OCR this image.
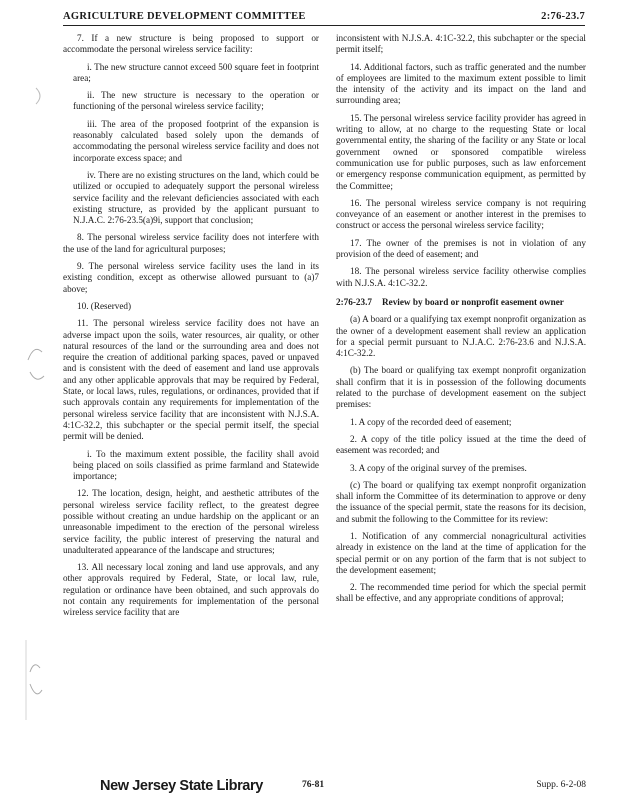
AGRICULTURE DEVELOPMENT COMMITTEE	2:76-23.7

7. If a new structure is being proposed to support or accommodate the personal wireless service facility:

i. The new structure cannot exceed 500 square feet in footprint area;

ii. The new structure is necessary to the operation or functioning of the personal wireless service facility;

iii. The area of the proposed footprint of the expansion is reasonably calculated based solely upon the demands of accommodating the personal wireless service facility and does not incorporate excess space; and

iv. There are no existing structures on the land, which could be utilized or occupied to adequately support the personal wireless service facility and the relevant deficiencies associated with each existing structure, as provided by the applicant pursuant to N.J.A.C. 2:76-23.5(a)9i, support that conclusion;

8. The personal wireless service facility does not interfere with the use of the land for agricultural purposes;

9. The personal wireless service facility uses the land in its existing condition, except as otherwise allowed pursuant to (a)7 above;

10. (Reserved)

11. The personal wireless service facility does not have an adverse impact upon the soils, water resources, air quality, or other natural resources of the land or the surrounding area and does not require the creation of additional parking spaces, paved or unpaved and is consistent with the deed of easement and land use approvals and any other applicable approvals that may be required by Federal, State, or local laws, rules, regulations, or ordinances, provided that if such approvals contain any requirements for implementation of the personal wireless service facility that are inconsistent with N.J.S.A. 4:1C-32.2, this subchapter or the special permit itself, the special permit will be denied.

i. To the maximum extent possible, the facility shall avoid being placed on soils classified as prime farmland and Statewide importance;

12. The location, design, height, and aesthetic attributes of the personal wireless service facility reflect, to the greatest degree possible without creating an undue hardship on the applicant or an unreasonable impediment to the erection of the personal wireless service facility, the public interest of preserving the natural and unadulterated appearance of the landscape and structures;

13. All necessary local zoning and land use approvals, and any other approvals required by Federal, State, or local law, rule, regulation or ordinance have been obtained, and such approvals do not contain any requirements for implementation of the personal wireless service facility that are

inconsistent with N.J.S.A. 4:1C-32.2, this subchapter or the special permit itself;

14. Additional factors, such as traffic generated and the number of employees are limited to the maximum extent possible to limit the intensity of the activity and its impact on the land and surrounding area;

15. The personal wireless service facility provider has agreed in writing to allow, at no charge to the requesting State or local governmental entity, the sharing of the facility or any State or local government owned or sponsored compatible wireless communication use for public purposes, such as law enforcement or emergency response communication equipment, as permitted by the Committee;

16. The personal wireless service company is not requiring conveyance of an easement or another interest in the premises to construct or access the personal wireless service facility;

17. The owner of the premises is not in violation of any provision of the deed of easement; and

18. The personal wireless service facility otherwise complies with N.J.S.A. 4:1C-32.2.

2:76-23.7 Review by board or nonprofit easement owner

(a) A board or a qualifying tax exempt nonprofit organization as the owner of a development easement shall review an application for a special permit pursuant to N.J.A.C. 2:76-23.6 and N.J.S.A. 4:1C-32.2.

(b) The board or qualifying tax exempt nonprofit organization shall confirm that it is in possession of the following documents related to the purchase of development easement on the subject premises:

1. A copy of the recorded deed of easement;

2. A copy of the title policy issued at the time the deed of easement was recorded; and

3. A copy of the original survey of the premises.

(c) The board or qualifying tax exempt nonprofit organization shall inform the Committee of its determination to approve or deny the issuance of the special permit, state the reasons for its decision, and submit the following to the Committee for its review:

1. Notification of any commercial nonagricultural activities already in existence on the land at the time of application for the special permit or on any portion of the farm that is not subject to the development easement;

2. The recommended time period for which the special permit shall be effective, and any appropriate conditions of approval;

New Jersey State Library	76-81	Supp. 6-2-08
